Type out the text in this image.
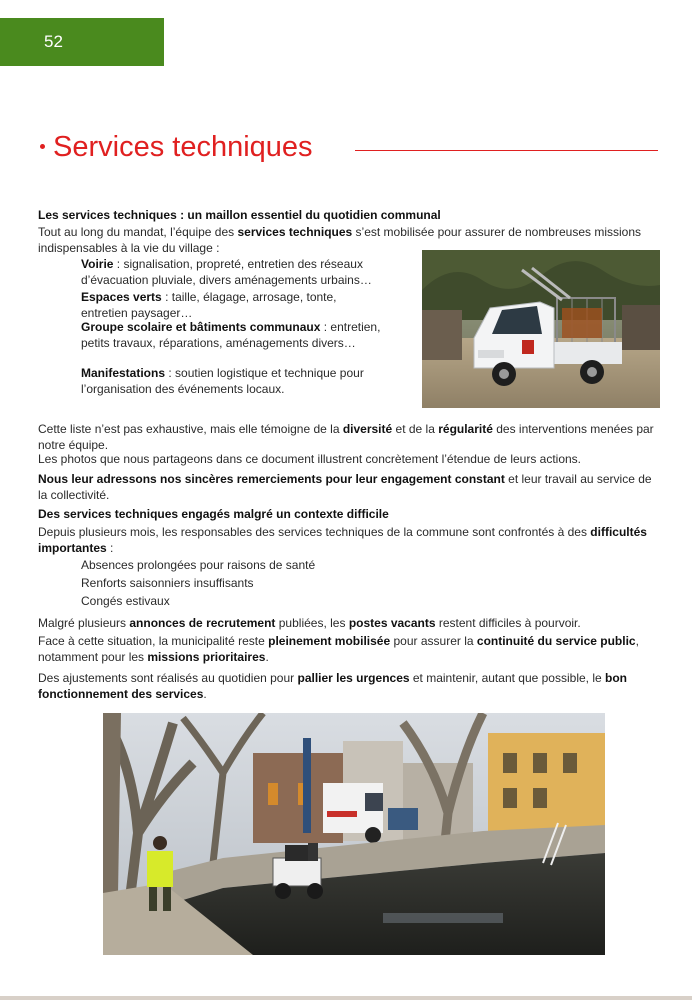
52
Services techniques
Les services techniques : un maillon essentiel du quotidien communal
Tout au long du mandat, l’équipe des services techniques s’est mobilisée pour assurer de nombreuses missions indispensables à la vie du village :
Voirie : signalisation, propreté, entretien des réseaux d’évacuation pluviale, divers aménagements urbains…
Espaces verts : taille, élagage, arrosage, tonte, entretien paysager…
Groupe scolaire et bâtiments communaux : entretien, petits travaux, réparations, aménagements divers…
Manifestations : soutien logistique et technique pour l’organisation des événements locaux.
Cette liste n’est pas exhaustive, mais elle témoigne de la diversité et de la régularité des interventions menées par notre équipe.
Les photos que nous partageons dans ce document illustrent concrètement l’étendue de leurs actions.
Nous leur adressons nos sincères remerciements pour leur engagement constant et leur travail au service de la collectivité.
Des services techniques engagés malgré un contexte difficile
Depuis plusieurs mois, les responsables des services techniques de la commune sont confrontés à des difficultés importantes :
Absences prolongées pour raisons de santé
Renforts saisonniers insuffisants
Congés estivaux
Malgré plusieurs annonces de recrutement publiées, les postes vacants restent difficiles à pourvoir.
Face à cette situation, la municipalité reste pleinement mobilisée pour assurer la continuité du service public, notamment pour les missions prioritaires.
Des ajustements sont réalisés au quotidien pour pallier les urgences et maintenir, autant que possible, le bon fonctionnement des services.
